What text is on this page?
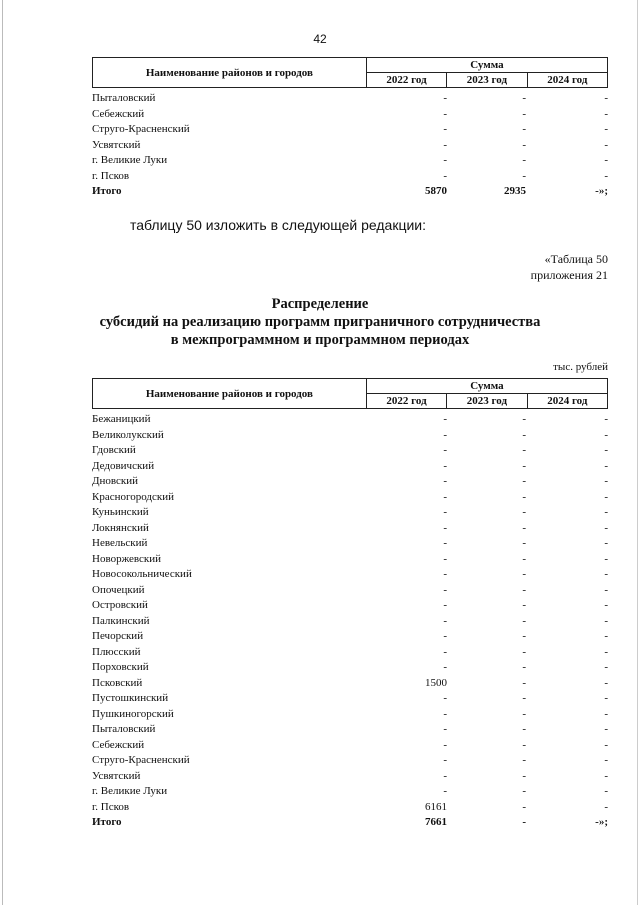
42
Наименование районов и городов	Сумма		
	2022 год	2023 год	2024 год
Пыталовский	-	-	-
Себежский	-	-	-
Струго-Красненский	-	-	-
Усвятский	-	-	-
г. Великие Луки	-	-	-
г. Псков	-	-	-
Итого	5870	2935	-»;
таблицу 50 изложить в следующей редакции:
«Таблица 50
приложения 21
Распределение
субсидий на реализацию программ приграничного сотрудничества
в межпрограммном и программном периодах
тыс. рублей
Наименование районов и городов	Сумма		
	2022 год	2023 год	2024 год
Бежаницкий	-	-	-
Великолукский	-	-	-
Гдовский	-	-	-
Дедовичский	-	-	-
Дновский	-	-	-
Красногородский	-	-	-
Куньинский	-	-	-
Локнянский	-	-	-
Невельский	-	-	-
Новоржевский	-	-	-
Новосокольнический	-	-	-
Опочецкий	-	-	-
Островский	-	-	-
Палкинский	-	-	-
Печорский	-	-	-
Плюсский	-	-	-
Порховский	-	-	-
Псковский	1500	-	-
Пустошкинский	-	-	-
Пушкиногорский	-	-	-
Пыталовский	-	-	-
Себежский	-	-	-
Струго-Красненский	-	-	-
Усвятский	-	-	-
г. Великие Луки	-	-	-
г. Псков	6161	-	-
Итого	7661	-	-»;
